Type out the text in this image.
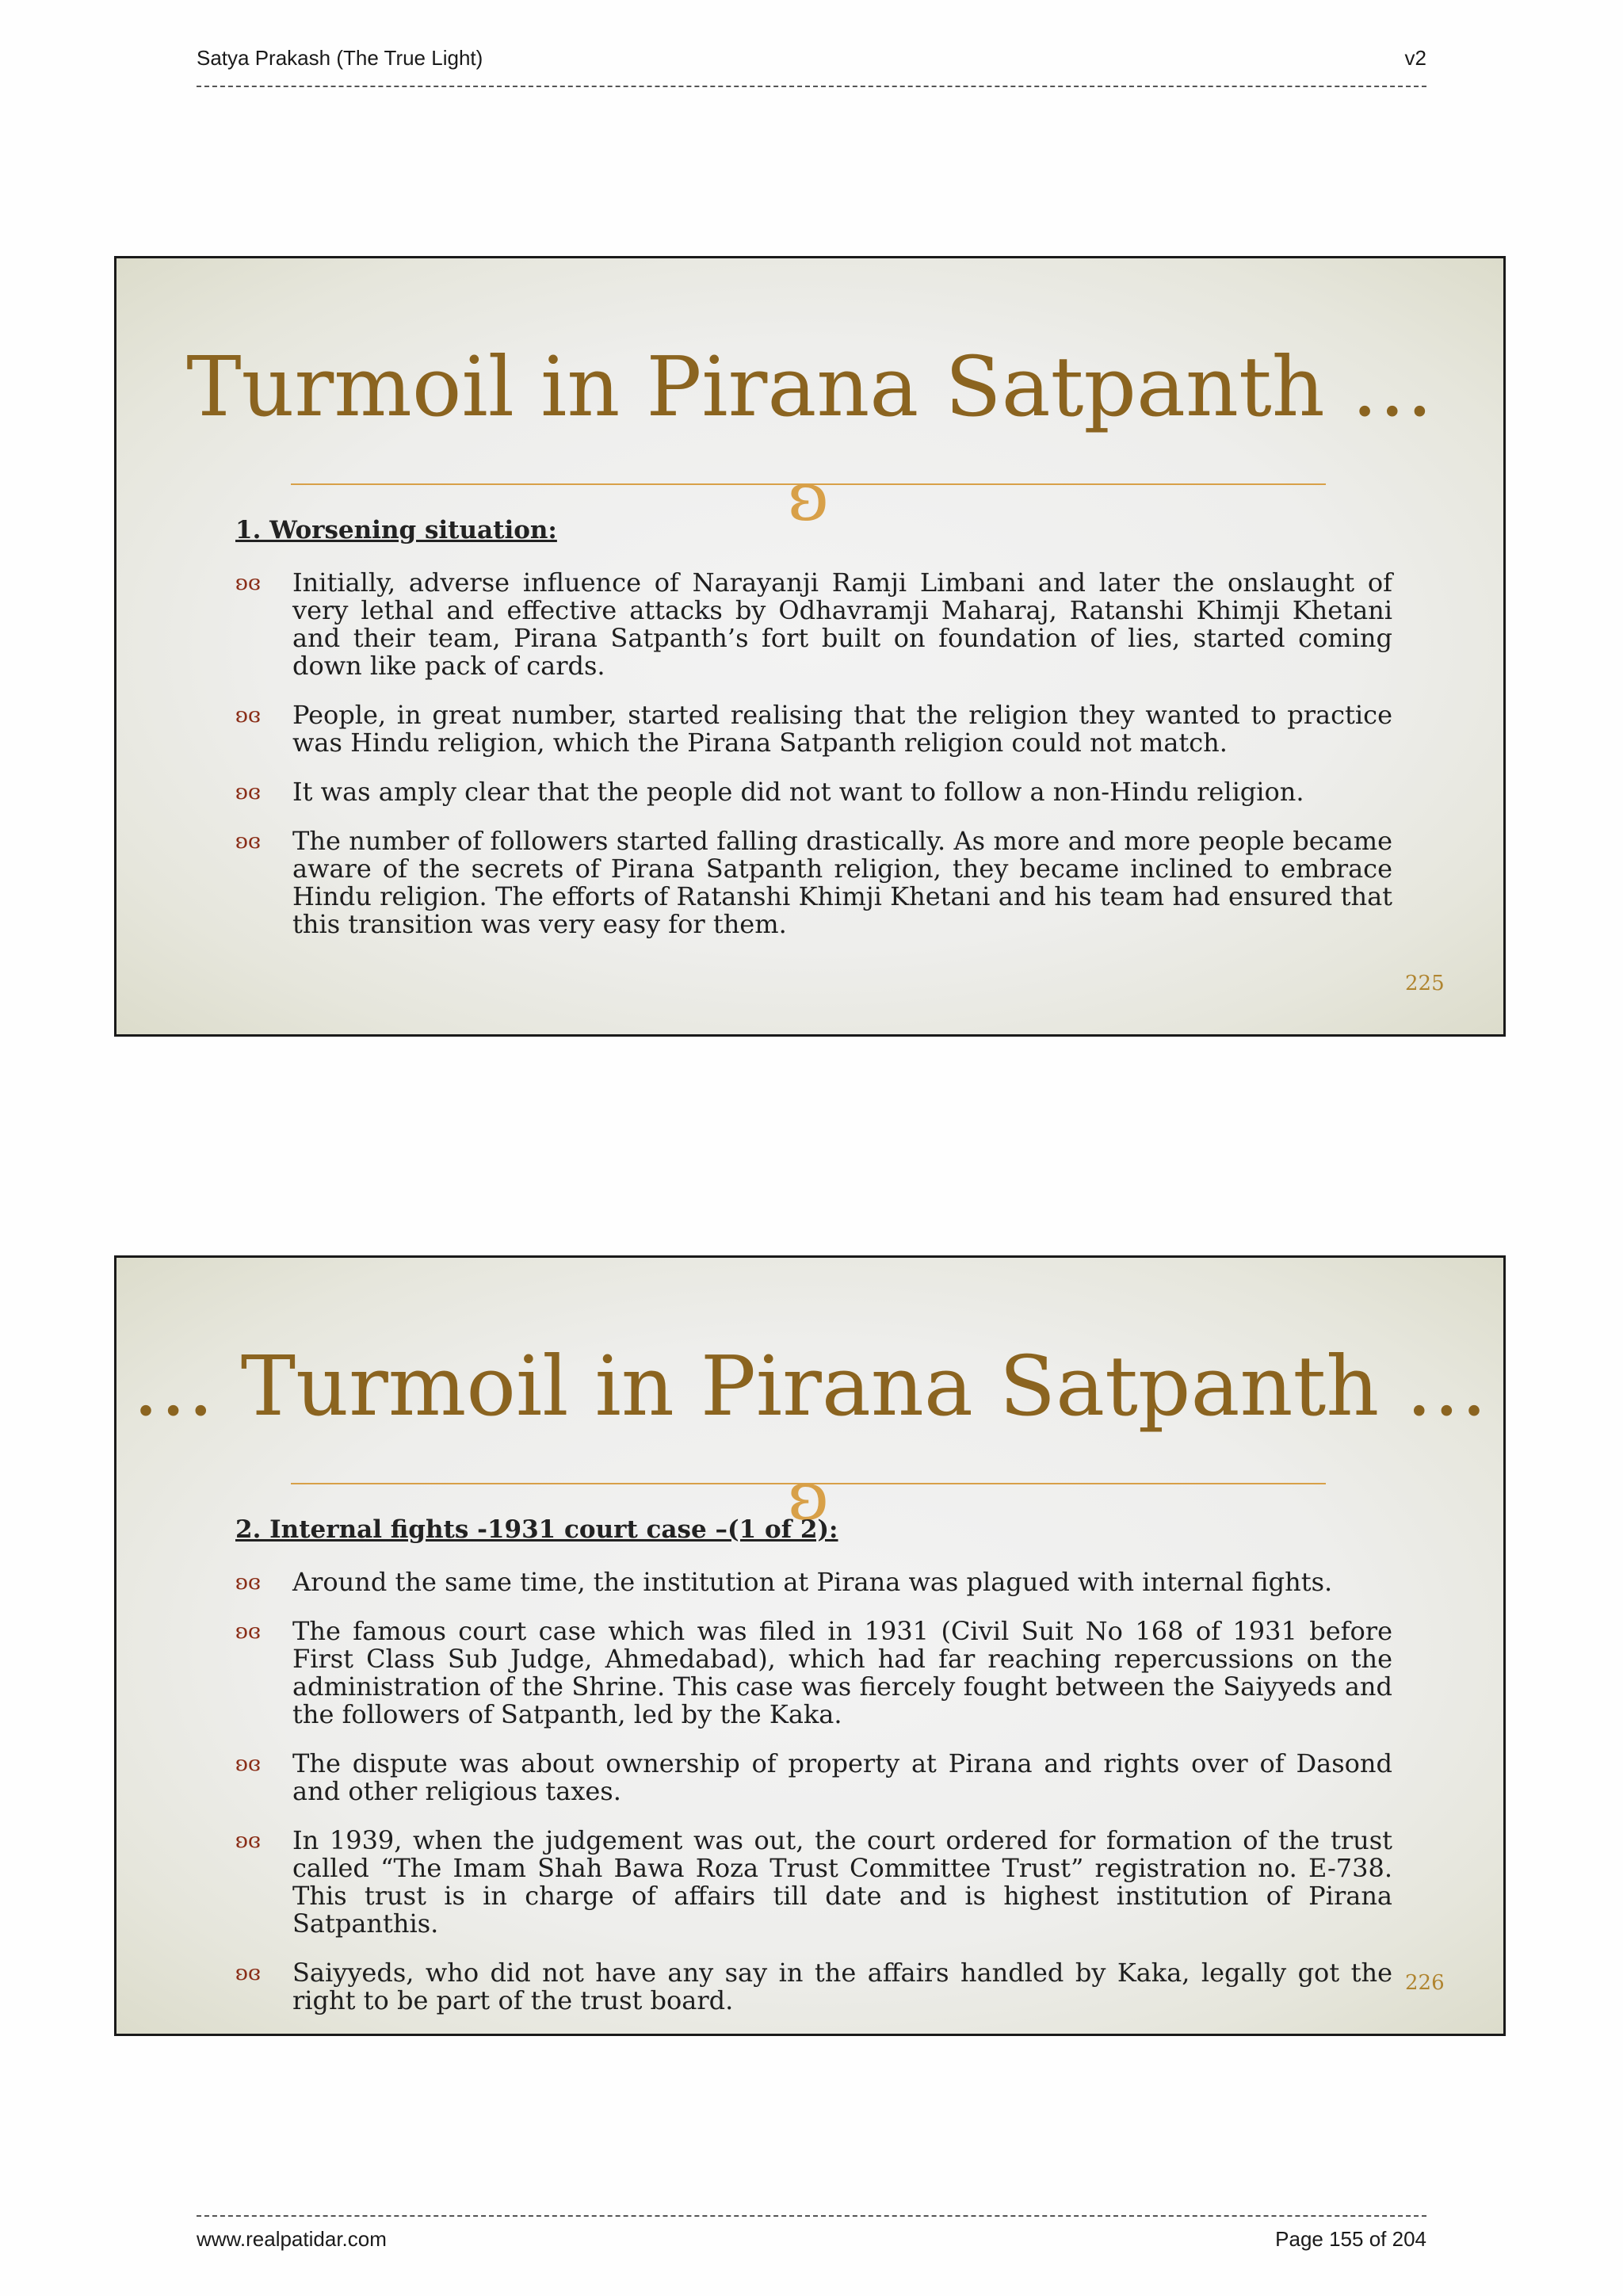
Satya Prakash (The True Light)	v2
Turmoil in Pirana Satpanth …
ʚ
1. Worsening situation:
ʚɞ Initially, adverse influence of Narayanji Ramji Limbani and later the onslaught of very lethal and effective attacks by Odhavramji Maharaj, Ratanshi Khimji Khetani and their team, Pirana Satpanth’s fort built on foundation of lies, started coming down like pack of cards.
ʚɞ People, in great number, started realising that the religion they wanted to practice was Hindu religion, which the Pirana Satpanth religion could not match.
ʚɞ It was amply clear that the people did not want to follow a non-Hindu religion.
ʚɞ The number of followers started falling drastically. As more and more people became aware of the secrets of Pirana Satpanth religion, they became inclined to embrace Hindu religion. The efforts of Ratanshi Khimji Khetani and his team had ensured that this transition was very easy for them.
225
… Turmoil in Pirana Satpanth …
ʚ
2. Internal fights -1931 court case –(1 of 2):
ʚɞ Around the same time, the institution at Pirana was plagued with internal fights.
ʚɞ The famous court case which was filed in 1931 (Civil Suit No 168 of 1931 before First Class Sub Judge, Ahmedabad), which had far reaching repercussions on the administration of the Shrine. This case was fiercely fought between the Saiyyeds and the followers of Satpanth, led by the Kaka.
ʚɞ The dispute was about ownership of property at Pirana and rights over of Dasond and other religious taxes.
ʚɞ In 1939, when the judgement was out, the court ordered for formation of the trust called “The Imam Shah Bawa Roza Trust Committee Trust” registration no. E-738. This trust is in charge of affairs till date and is highest institution of Pirana Satpanthis.
ʚɞ Saiyyeds, who did not have any say in the affairs handled by Kaka, legally got the right to be part of the trust board.
226
www.realpatidar.com	Page 155 of 204
